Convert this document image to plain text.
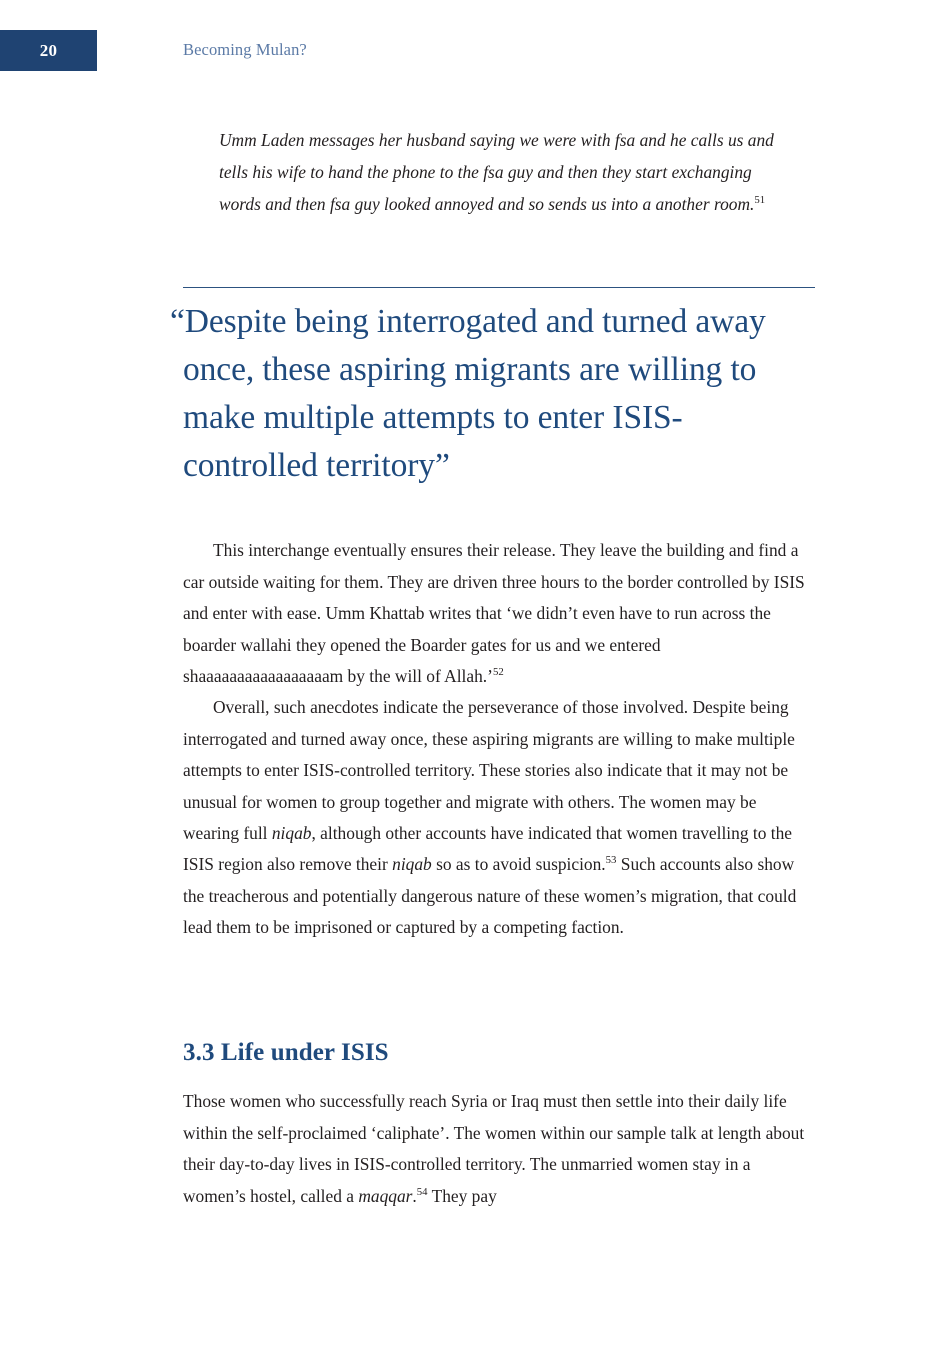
20	Becoming Mulan?
Umm Laden messages her husband saying we were with fsa and he calls us and tells his wife to hand the phone to the fsa guy and then they start exchanging words and then fsa guy looked annoyed and so sends us into a another room.$^{51}$
“Despite being interrogated and turned away once, these aspiring migrants are willing to make multiple attempts to enter ISIS-controlled territory”

This interchange eventually ensures their release. They leave the building and find a car outside waiting for them. They are driven three hours to the border controlled by ISIS and enter with ease. Umm Khattab writes that ‘we didn’t even have to run across the boarder wallahi they opened the Boarder gates for us and we entered shaaaaaaaaaaaaaaaaam by the will of Allah.’$^{52}$

Overall, such anecdotes indicate the perseverance of those involved. Despite being interrogated and turned away once, these aspiring migrants are willing to make multiple attempts to enter ISIS-controlled territory. These stories also indicate that it may not be unusual for women to group together and migrate with others. The women may be wearing full niqab, although other accounts have indicated that women travelling to the ISIS region also remove their niqab so as to avoid suspicion.$^{53}$ Such accounts also show the treacherous and potentially dangerous nature of these women’s migration, that could lead them to be imprisoned or captured by a competing faction.

3.3 Life under ISIS

Those women who successfully reach Syria or Iraq must then settle into their daily life within the self-proclaimed ‘caliphate’. The women within our sample talk at length about their day-to-day lives in ISIS-controlled territory. The unmarried women stay in a women’s hostel, called a maqqar.$^{54}$ They pay
